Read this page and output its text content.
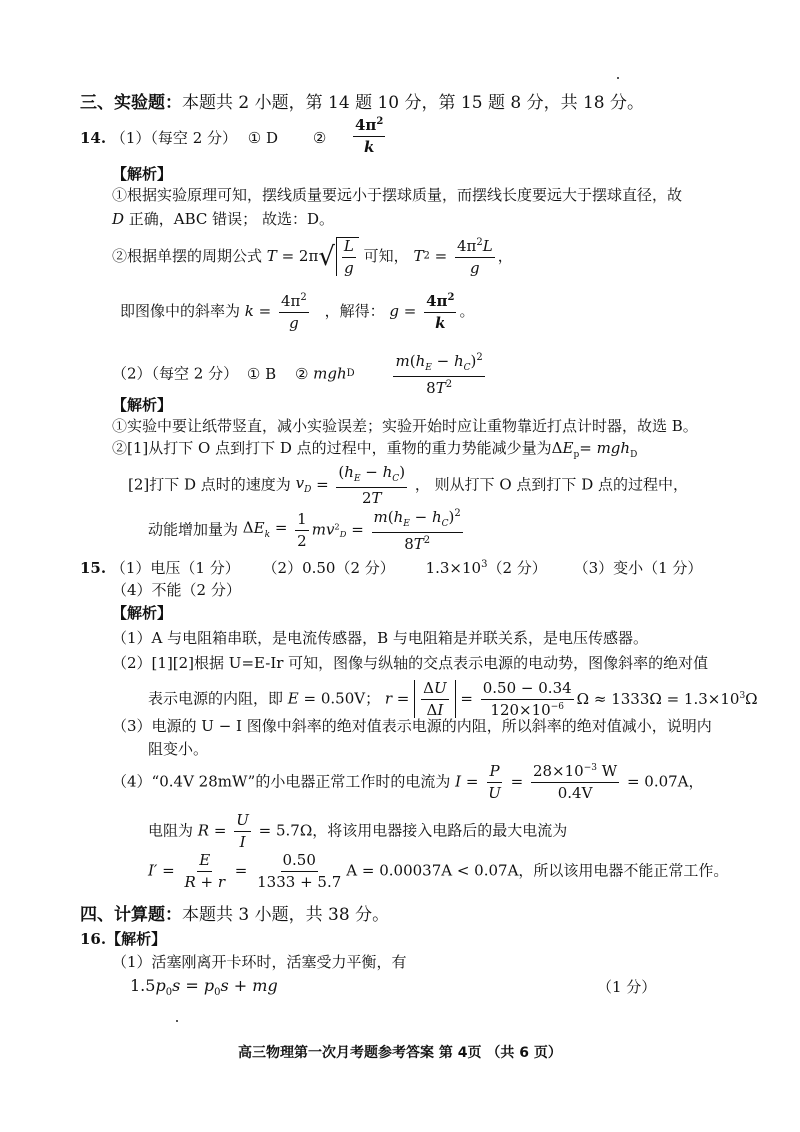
三、实验题：本题共 2 小题，第 14 题 10 分，第 15 题 8 分，共 18 分。
14. （1）（每空 2 分） ① D ② $\frac{4\pi^2}{k}$
【解析】
①根据实验原理可知，摆线质量要远小于摆球质量，而摆线长度要远大于摆球直径，故
D 正确，ABC 错误； 故选：D。
②根据单摆的周期公式 T = 2π √ $\frac{L}{g}$ 可知， $T2 = \frac{4\pi^2L}{g}$ ，
即图像中的斜率为 $k = \frac{4\pi^2}{g}$ ，解得： $g = \frac{4\pi^2}{k}$ 。
（2）（每空 2 分） ① B ② mghD	$\frac{m(h_E - h_C)^2}{8T^2}$
【解析】
①实验中要让纸带竖直，减小实验误差；实验开始时应让重物靠近打点计时器，故选 B。
②[1]从打下 O 点到打下 D 点的过程中，重物的重力势能减少量为$\Delta E_p= mgh_D$
[2]打下 D 点时的速度为 $v_D = \frac{(h_E - h_C)}{2T}$ ， 则从打下 O 点到打下 D 点的过程中，
动能增加量为 $\Delta E_k = \frac{1}{2} mv^2_D = \frac{m(h_E - h_C)^2}{8T^2}$
15. （1）电压（1 分） （2）0.50（2 分） $1.3\times 10^3(2$ 分） （3）变小（1 分）
（4）不能（2 分）
【解析】
（1）A 与电阻箱串联，是电流传感器，B 与电阻箱是并联关系，是电压传感器。
（2）[1][2]根据 U=E-Ir 可知，图像与纵轴的交点表示电源的电动势，图像斜率的绝对值
表示电源的内阻，即 E = 0.50V； $r = \frac{\Delta U}{\Delta I} = \frac{0.50 - 0.34}{120\times 10^{-6}}$ $\Omega \approx 1333\Omega = 1.3\times 10^3\Omega$
（3）电源的 U − I 图像中斜率的绝对值表示电源的内阻，所以斜率的绝对值减小，说明内
阻变小。
（4）“0.4V 28mW”的小电器正常工作时的电流为 $I = \frac{P}{U} = \frac{28\times 10^{-3} W}{0.4V} = 0.07A$，
电阻为 $R = \frac{U}{I} = 5.7\Omega$，将该用电器接入电路后的最大电流为
$I' = \frac{E}{R + r} = \frac{0.50}{1333 + 5.7}$ A = 0.00037A < 0.07A，所以该用电器不能正常工作。
四、计算题：本题共 3 小题，共 38 分。
16.【解析】
（1）活塞刚离开卡环时，活塞受力平衡，有
$1.5p_0s = p_0s$ + mg	（1 分）
高三物理第一次月考题参考答案 第 4页 （共 6 页）
